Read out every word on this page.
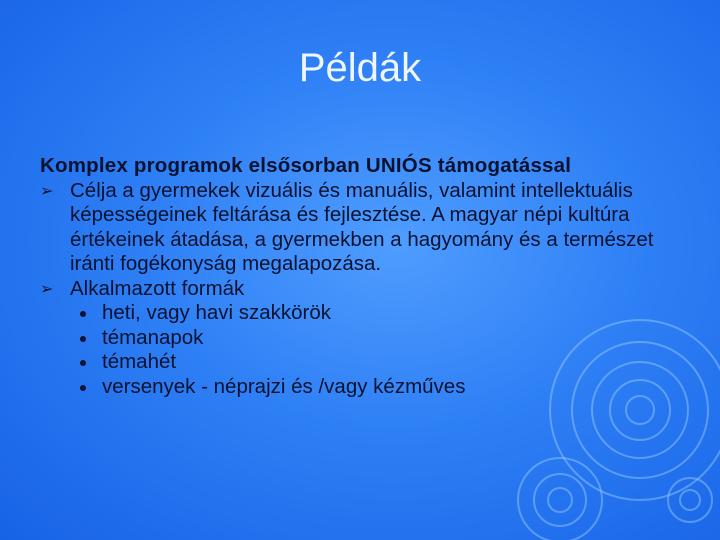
Példák
Komplex programok elsősorban UNIÓS támogatással
➢ Célja a gyermekek vizuális és manuális, valamint intellektuális képességeinek feltárása és fejlesztése. A magyar népi kultúra értékeinek átadása, a gyermekben a hagyomány és a természet iránti fogékonyság megalapozása.
➢ Alkalmazott formák
heti, vagy havi szakkörök
témanapok
témahét
versenyek - néprajzi és /vagy kézműves
